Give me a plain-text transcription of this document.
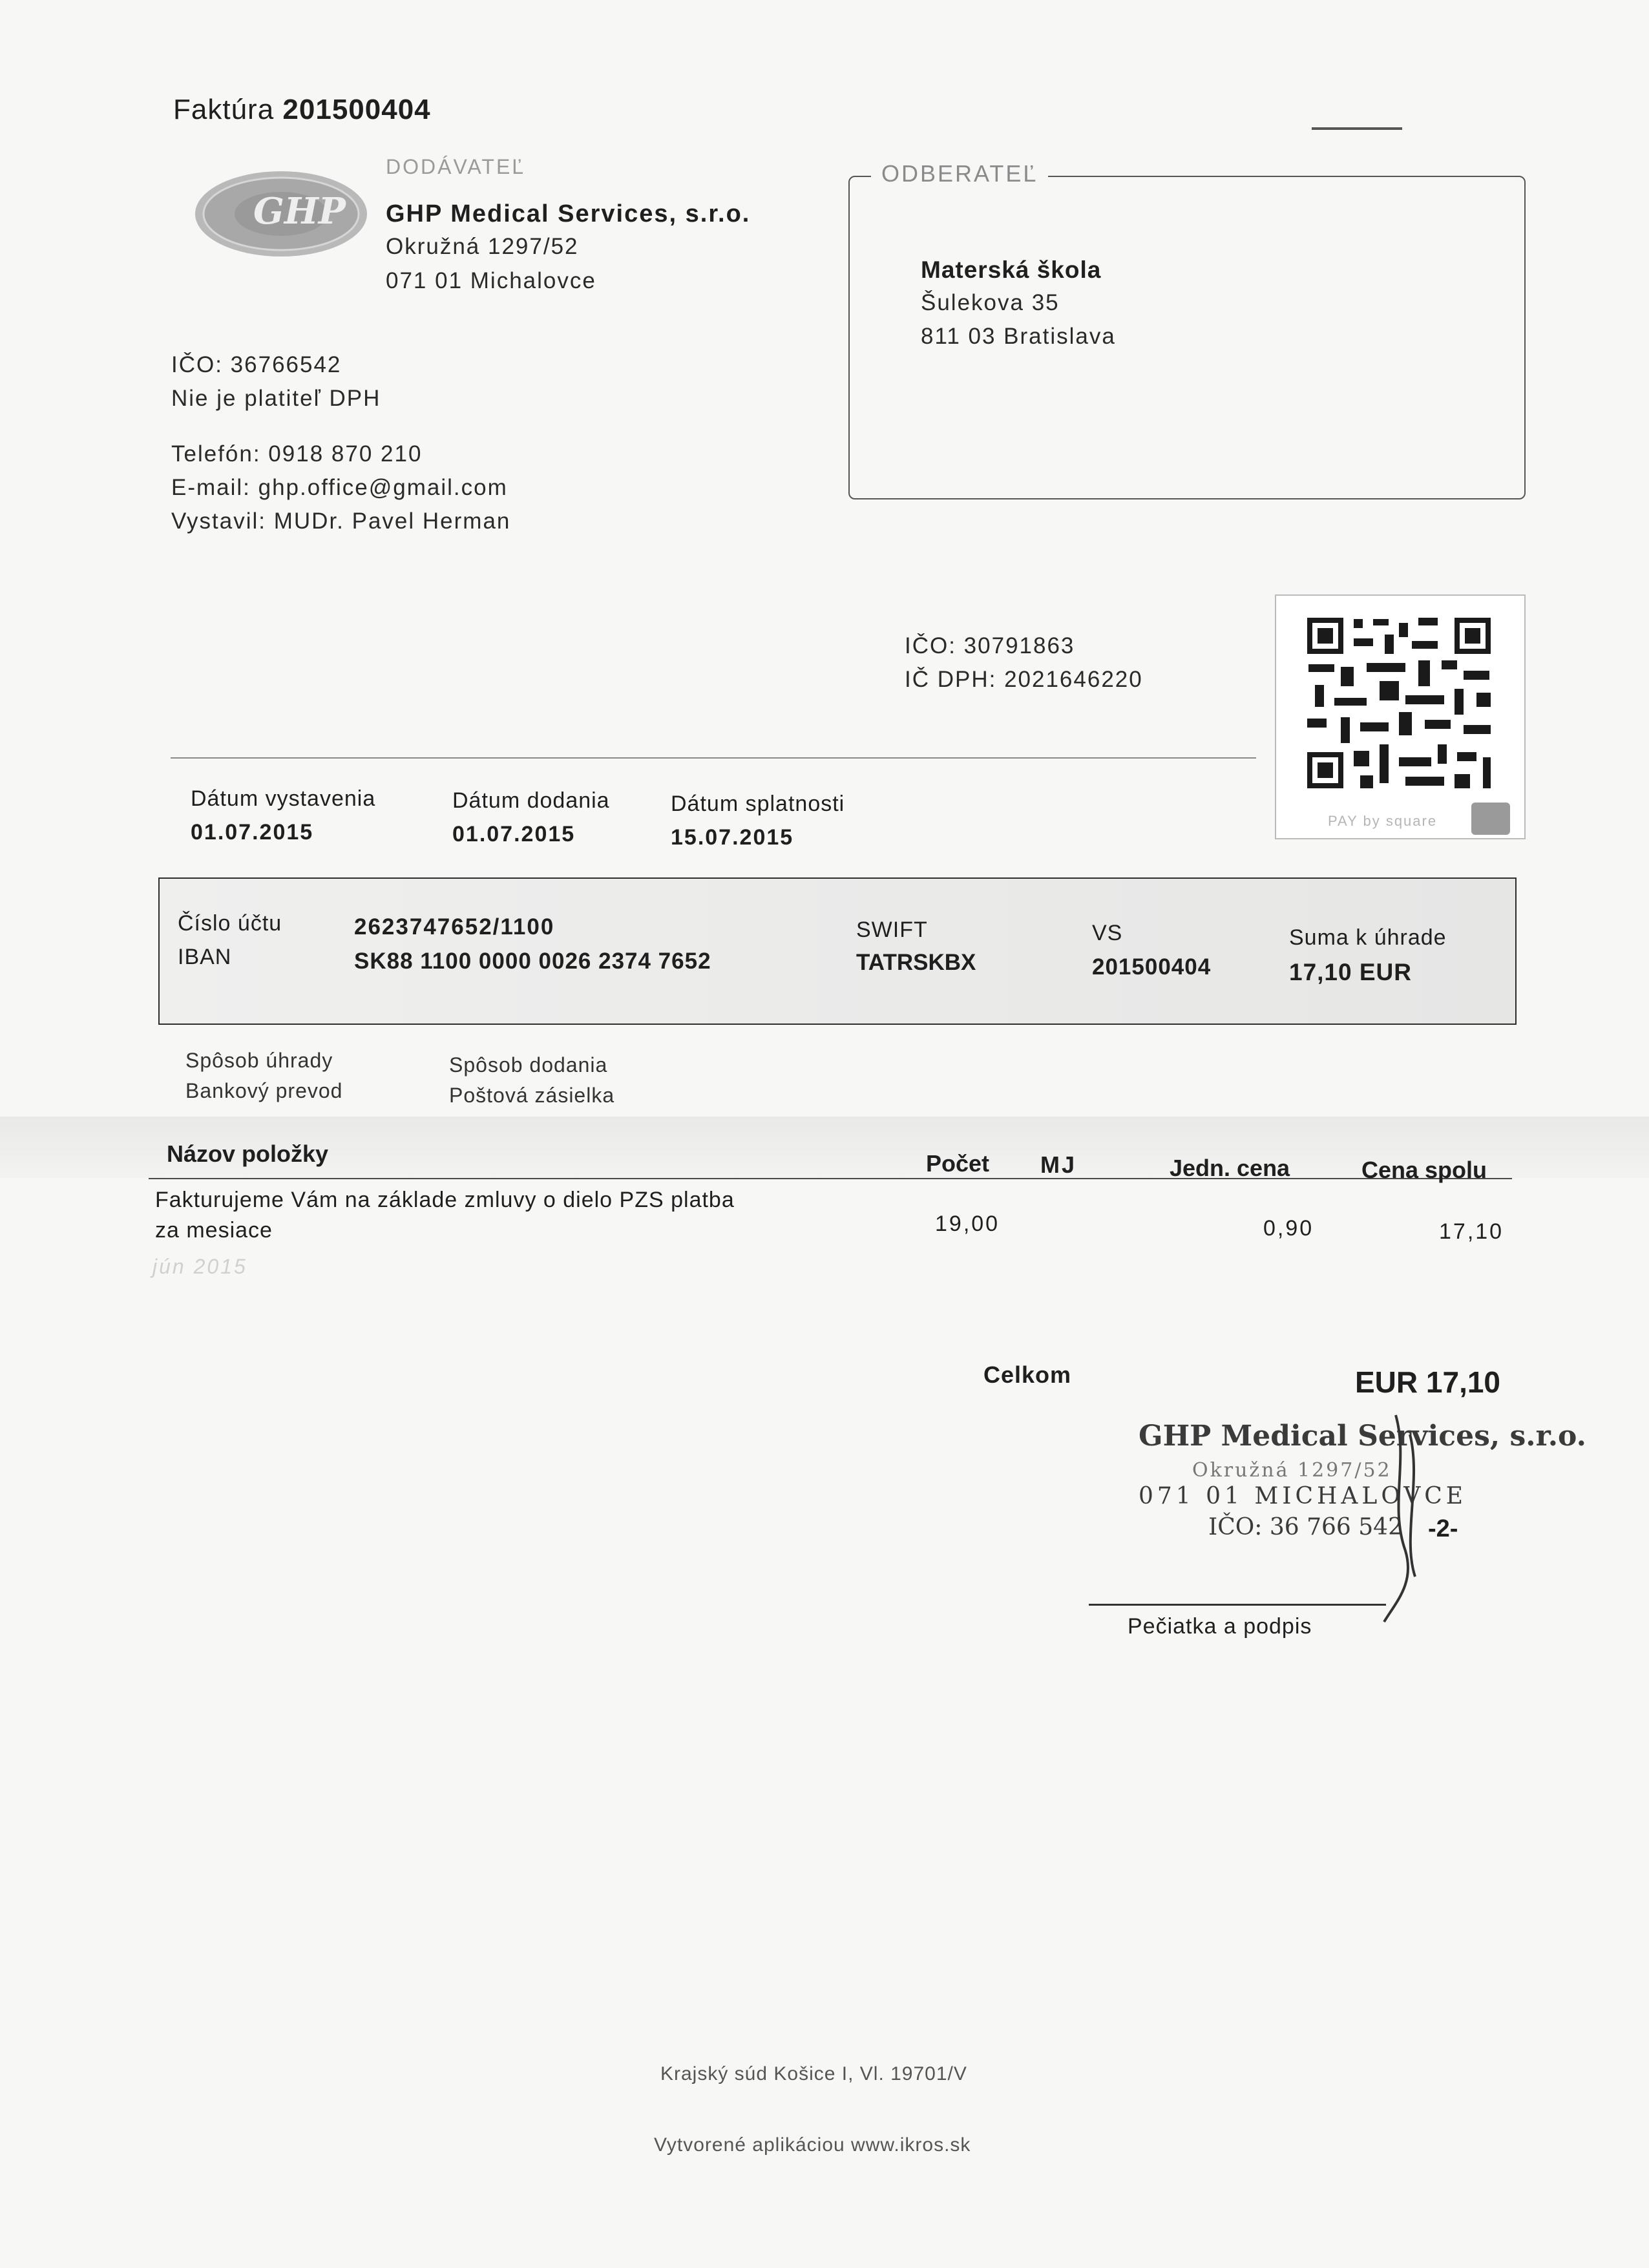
Faktúra 201500404
GHP
DODÁVATEĽ
GHP Medical Services, s.r.o.
Okružná 1297/52
071 01 Michalovce
IČO: 36766542
Nie je platiteľ DPH
Telefón: 0918 870 210
E-mail: ghp.office@gmail.com
Vystavil: MUDr. Pavel Herman
ODBERATEĽ
Materská škola
Šulekova 35
811 03 Bratislava
IČO: 30791863
IČ DPH: 2021646220
PAY by square
Dátum vystavenia
01.07.2015
Dátum dodania
01.07.2015
Dátum splatnosti
15.07.2015
Číslo účtu
IBAN
2623747652/1100
SK88 1100 0000 0026 2374 7652
SWIFT
TATRSKBX
VS
201500404
Suma k úhrade
17,10 EUR
Spôsob úhrady
Bankový prevod
Spôsob dodania
Poštová zásielka
Názov položky	Počet MJ	Jedn. cena	Cena spolu
Fakturujeme Vám na základe zmluvy o dielo PZS platba
za mesiace
jún 2015
19,00	0,90	17,10
Celkom	EUR 17,10
GHP Medical Services, s.r.o.
Okružná 1297/52
071 01 MICHALOVCE
IČO: 36 766 542 -2-
Pečiatka a podpis
Krajský súd Košice I, Vl. 19701/V
Vytvorené aplikáciou www.ikros.sk
